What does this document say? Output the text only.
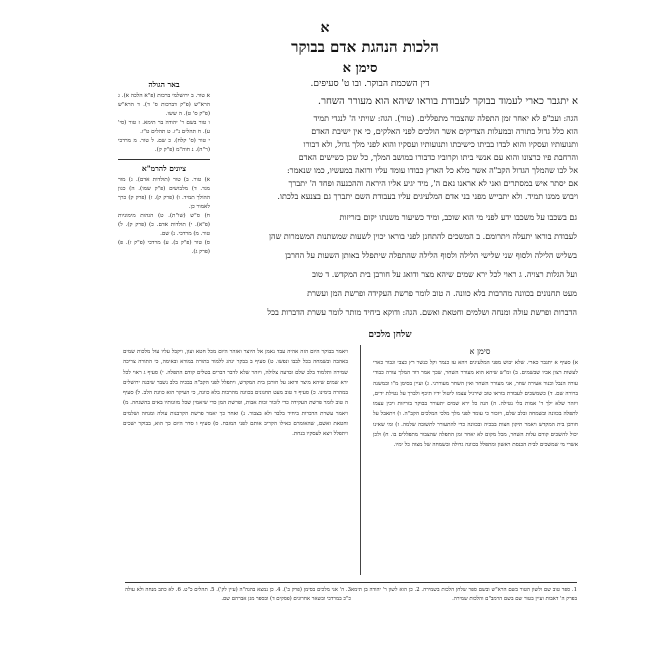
א
הלכות הנהגת אדם בבוקר
סימן א
דין השכמת הבוקר. ובו ט' סעיפים.
באר הגולה
א טור. ב ירושלמי ברכות (פ"א הלכה א). ג הרא"ש (פ"ק דברכות ס' ד). ד הרא"ש (פ"ק ס' ט). ה ששו.
ו טור בשם ר' יהודה בר תימא. ז טור (סי' ע). ח תהלים נ"ז. ט תהלים ט"ז.
י טור (ס' קלח). כ שם. ל טור. מ מרדכי (ר"ה). נ חוה"מ (פ"ק ק).
ציונים להרמ"א
א) טור. ב) טור (תולדות אדם). ג) מור מגד. ד) מלבושים (פ"ק שמו). ה) כגון ההולך תמיד. ו) (פרק ק). ז) (פרק ק) כרך לאמור כן.
ח) ס"ש (שו"ת). ט) הגהות מימוניות (פ"א). י) תולדות אדם. כ) (פרק ק). ל) טור. מ) מרדכי. נ) שם.
ס) טור (פ"ק ב). ע) מרדכי (פ"ק ז). פ) (פרק ג).
א יתגבר כארי לעמוד בבוקר לעבודת בוראו שיהא הוא מעורר השחר.
הגה: ועכ"פ לא יאחר זמן התפלה שהצבור מתפללים. (טור). הגה: שויתי ה' לנגדי תמיד
הוא כלל גדול בתורה ובמעלות הצדיקים אשר הולכים לפני האלקים, כי אין ישיבת האדם
ותנועותיו ועסקיו והוא לבדו בביתו כישיבתו ותנועותיו ועסקיו והוא לפני מלך גדול, ולא דבורו
והרחבת פיו כרצונו והוא עם אנשי ביתו וקרוביו כדבורו במושב המלך, כל שכן כשישים האדם
אל לבו שהמלך הגדול הקב"ה אשר מלא כל הארץ כבודו עומד עליו ורואה במעשיו, כמו שנאמר:
אם יסתר איש במסתרים ואני לא אראנו נאם ה', מיד יגיע אליו היראה וההכנעה ופחד ה' יתברך
ויבוש ממנו תמיד. ולא יתבייש מפני בני אדם המלעיגים עליו בעבודת השם יתברך גם בצנעא בלכתו.
גם בשכבו על משכבו ידע לפני מי הוא שוכב, ומיד כשיעור משנתו יקום בזריזות
לעבודת בוראו יתעלה ויתרומם. ב המשכים להתחנן לפני בוראו יכוין לשעות שמשתנות המשמרות שהן
בשליש הלילה ולסוף שני שלישי הלילה ולסוף הלילה שהתפלה שיתפלל באותן השעות על החרבן
ועל הגלות רצויה. ג ראוי לכל ירא שמים שיהא מצר ודואג על חורבן בית המקדש. ד טוב
מעט תחנונים בכוונה מהרבות בלא כוונה. ה טוב לומר פרשת העקידה ופרשת המן ועשרת
הדברות ופרשת עולה ומנחה ושלמים וחטאת ואשם. הגה: ודוקא ביחיד מותר לומר עשרת הדברות בכל
שלחן מלכים
סימן א
א) סעיף א יתגבר כארי. שלא יבוש מפני המלעיגים ויהא עז כנמר וקל כנשר רץ כצבי וגבור כארי לעשות רצון אביו שבשמים. ב) ומ"ש שיהא הוא מעורר השחר, שכך אמר דוד המלך עורה כבודי עורה הנבל וכנור אעירה שחר, אני מעורר השחר ואין השחר מעוררני. ג) ועיין בסימן מ"ו ובמשנה ברורה שם. ד) כשמשכים לעבודת בוראו טוב שירגיל עצמו ליטול ידיו תיכף ולברך על נטילת ידים, ויזהר שלא ילך ד' אמות בלי נטילה. ה) הנה כל ירא שמים יתעורר בבוקר בזריזות ויכין עצמו לתפלה בכוונה ובשמחה ובלב שלם, ויזכור כי עומד לפני מלך מלכי המלכים הקב"ה. ו) ויתאבל על חורבן בית המקדש ויאמר תיקון חצות בבכיה ובכוונה כדי להתעורר לתשובה שלמה. ז) ומי שאינו יכול להשכים קודם עלות השחר, מכל מקום לא יאחר זמן התפלה שהצבור מתפללים בו. ח) ולכן אשרי מי שמשכים לבית הכנסת ראשון ומתפלל בכוונה גדולה ובשמחה של מצוה כל ימיו.
ויאמר בבוקר היום הזה אהיה עבד נאמן אל היוצר ואזהר היום מכל חטא ועון, ויקבל עליו עול מלכות שמים באהבה ובשמחה בכל לבבו ונפשו. ט) סעיף ב בבקר ינהג ללמוד בתורה במורא ובאימה, כי התורה צריכה שמירה ותלמוד בלב שלם ובדעה צלולה, ויזהר שלא לדבר דברים בטלים קודם התפלה. י) סעיף ג ראוי לכל ירא שמים שיהא מיצר ודואג על חורבן בית המקדש, ויתפלל לפני הקב"ה בבכיה בלב נשבר שיבנה ירושלים במהרה בימינו. כ) סעיף ד טוב מעט תחנונים בכוונה מהרבות בלא כוונה, כי העיקר הוא כוונת הלב. ל) סעיף ה טוב לומר פרשת העקידה כדי לזכור זכות אבות, ופרשת המן כדי שיאמין שכל מזונותיו באים בהשגחה. מ) ויאמר עשרת הדברות ביחיד בלבד ולא בצבור. נ) ואחר כך יאמר פרשת הקרבנות עולה ומנחה ושלמים וחטאת ואשם, שהאומרם כאילו הקריב אותם לפני המזבח. ס) סעיף ו סדר היום כך הוא, בבוקר ישכים ויתפלל ויצא לעסקיו בנחת.
1. ספר טוב שם ולשון הטור בשם הרא"ש ובשם ספר שלחן הלכות בשמירה. 2. כן הוא לשון ר' יהודה בן תימא בפרק ה' דאבות ועיין בטור שם בשם הרמב"ם והלכות שמירה.3. ה' אני מלכים בסימן (פרק ב'). 4. כן נמצא בהגה"ה (עיין לק'). 5. תהלים כ"ט. 6. לא כתב מנחה ולא עולה כ"כ במרדכי ובשאר אחרונים (פסקים ד) ובספר מגן אברהם שם.
